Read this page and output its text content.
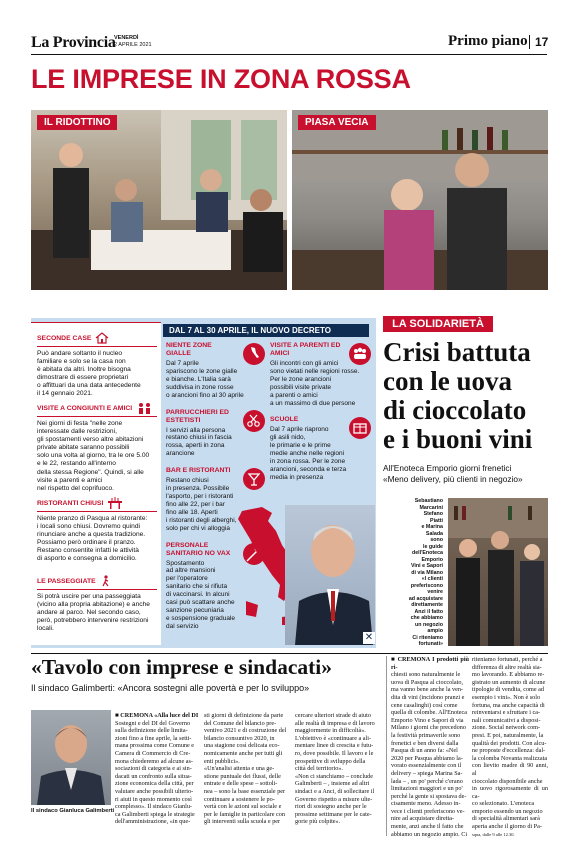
La Provincia
VENERDÌ
2 APRILE 2021	Primo piano 17
LE IMPRESE IN ZONA ROSSA
IL RIDOTTINO	PIASA VECIA
SECONDE CASE
Può andare soltanto il nucleo
familiare e solo se la casa non
è abitata da altri. Inoltre bisogna
dimostrare di essere proprietari
o affittuari da una data antecedente
il 14 gennaio 2021.
VISITE A CONGIUNTI E AMICI
Nei giorni di festa "nelle zone
interessate dalle restrizioni,
gli spostamenti verso altre abitazioni
private abitate saranno possibili
solo una volta al giorno, tra le ore 5.00
e le 22, restando all'interno
della stessa Regione". Quindi, si alle
visite a parenti e amici
nel rispetto del coprifuoco.
RISTORANTI CHIUSI
Niente pranzo di Pasqua al ristorante:
i locali sono chiusi. Dovremo quindi
rinunciare anche a questa tradizione.
Possiamo però ordinare il pranzo.
Restano consentite infatti le attività
di asporto e consegna a domicilio.
LE PASSEGGIATE
Si potrà uscire per una passeggiata
(vicino alla propria abitazione) e anche
andare al parco. Nel secondo caso,
però, potrebbero intervenire restrizioni
locali.
DAL 7 AL 30 APRILE, IL NUOVO DECRETO
NIENTE ZONE GIALLE
Dal 7 aprile
spariscono le zone gialle
e bianche. L'Italia sarà
suddivisa in zone rosse
o arancioni fino al 30 aprile
PARRUCCHIERI ED ESTETISTI
I servizi alla persona
restano chiusi in fascia
rossa, aperti in zona
arancione
BAR E RISTORANTI
Restano chiusi
in presenza. Possibile
l'asporto, per i ristoranti
fino alle 22, per i bar
fino alle 18. Aperti
i ristoranti degli alberghi,
solo per chi vi alloggia
PERSONALE SANITARIO NO VAX
Spostamento
ad altre mansioni
per l'operatore
sanitario che si rifiuta
di vaccinarsi. In alcuni
casi può scattare anche
sanzione pecuniaria
e sospensione graduale
dal servizio
VISITE A PARENTI ED AMICI
Gli incontri con gli amici
sono vietati nelle regioni rosse.
Per le zone arancioni
possibili visite private
a parenti o amici
a un massimo di due persone
SCUOLE
Dal 7 aprile riaprono
gli asili nido,
le primarie e le prime
medie anche nelle regioni
in zona rossa. Per le zone
arancioni, seconda e terza
media in presenza
✕
LA SOLIDARIETÀ
Crisi battuta
con le uova
di cioccolato
e i buoni vini
All'Enoteca Emporio giorni frenetici
«Meno delivery, più clienti in negozio»
Sebastiano
Marcarini
Stefano
Piatti
e Marina
Salada
sono
le guide
dell'Enoteca
Emporio
Vini e Sapori
di via Milano
«I clienti
preferiscono
venire
ad acquistare
direttamente
Anzi il fatto
che abbiamo
un negozio
ampio
Ci riteniamo
fortunati»
«Tavolo con imprese e sindacati»
Il sindaco Galimberti: «Ancora sostegni alle povertà e per lo sviluppo»
Il sindaco Gianluca Galimberti
■ CREMONA «Alla luce del DI
Sostegni e del DI del Governo
sulla definizione delle limita-
zioni fino a fine aprile, la setti-
mana prossima come Comune e
Camera di Commercio di Cre-
mona chiederemo ad alcune as-
sociazioni di categoria e ai sin-
dacati un confronto sulla situa-
zione economica della città, per
valutare anche possibili ulterio-
ri aiuti in questo momento così
complesso». Il sindaco Gianlu-
ca Galimberti spiega le strategie
dell'amministrazione, «in que-
sti giorni di definizione da parte
del Comune del bilancio pre-
ventivo 2021 e di costruzione del
bilancio consuntivo 2020, in
una stagione così delicata eco-
nomicamente anche per tutti gli
enti pubblici».
«Un'analisi attenta e una ge-
stione puntuale dei flussi, delle
entrate e delle spese – sottoli-
nea – sono la base essenziale per
continuare a sostenere le po-
vertà con le azioni sul sociale e
per le famiglie in particolare con
gli interventi sulla scuola e per
cercare ulteriori strade di aiuto
alle realtà di impresa e di lavoro
maggiormente in difficoltà».
L'obiettivo è «continuare a ali-
mentare linee di crescita e futu-
ro, dove possibile. Il lavoro e le
prospettive di sviluppo della
città del territorio».
«Non ci stanchiamo – conclude
Galimberti – , insieme ad altri
sindaci e a Anci, di sollecitare il
Governo rispetto a misure ulte-
riori di sostegno anche per le
prossime settimane per le cate-
gorie più colpite».
■ CREMONA I prodotti più ri-
chiesti sono naturalmente le
uova di Pasqua al cioccolato,
ma vanno bene anche la ven-
dita di vini (incidono pranzi e
cene casalinghi) così come
quella di colombe. All'Enoteca
Emporio Vino e Sapori di via
Milano i giorni che precedono
la festività primaverile sono
frenetici e ben diversi dalla
Pasqua di un anno fa: «Nel
2020 per Pasqua abbiamo la-
vorato essenzialmente con il
delivery – spiega Marina Sa-
lada – , un po' perché c'erano
limitazioni maggiori e un po'
perché la gente si spostava de-
cisamente meno. Adesso in-
vece i clienti preferiscono ve-
nire ad acquistare diretta-
mente, anzi anche il fatto che
abbiamo un negozio ampio. Ci
riteniamo fortunati, perché a
differenza di altre realtà sia-
mo lavorando. E abbiamo re-
gistrato un aumento di alcune
tipologie di vendita, come ad
esempio i vini». Non è solo
fortuna, ma anche capacità di
reinventarsi e sfruttare i ca-
nali comunicativi a disposi-
zione. Social network com-
presi. E poi, naturalmente, la
qualità dei prodotti. Con alcu-
ne proposte d'eccellenza: dal-
la colomba Novanta realizzata
con lievito madre di 90 anni, al
cioccolato disponibile anche
in uovo rigorosamente di un ca-
co selezionato. L'enoteca
emporio essendo un negozio
di specialità alimentari sarà
aperta anche il giorno di Pa-
squa, dalle 9 alle 12.30.
